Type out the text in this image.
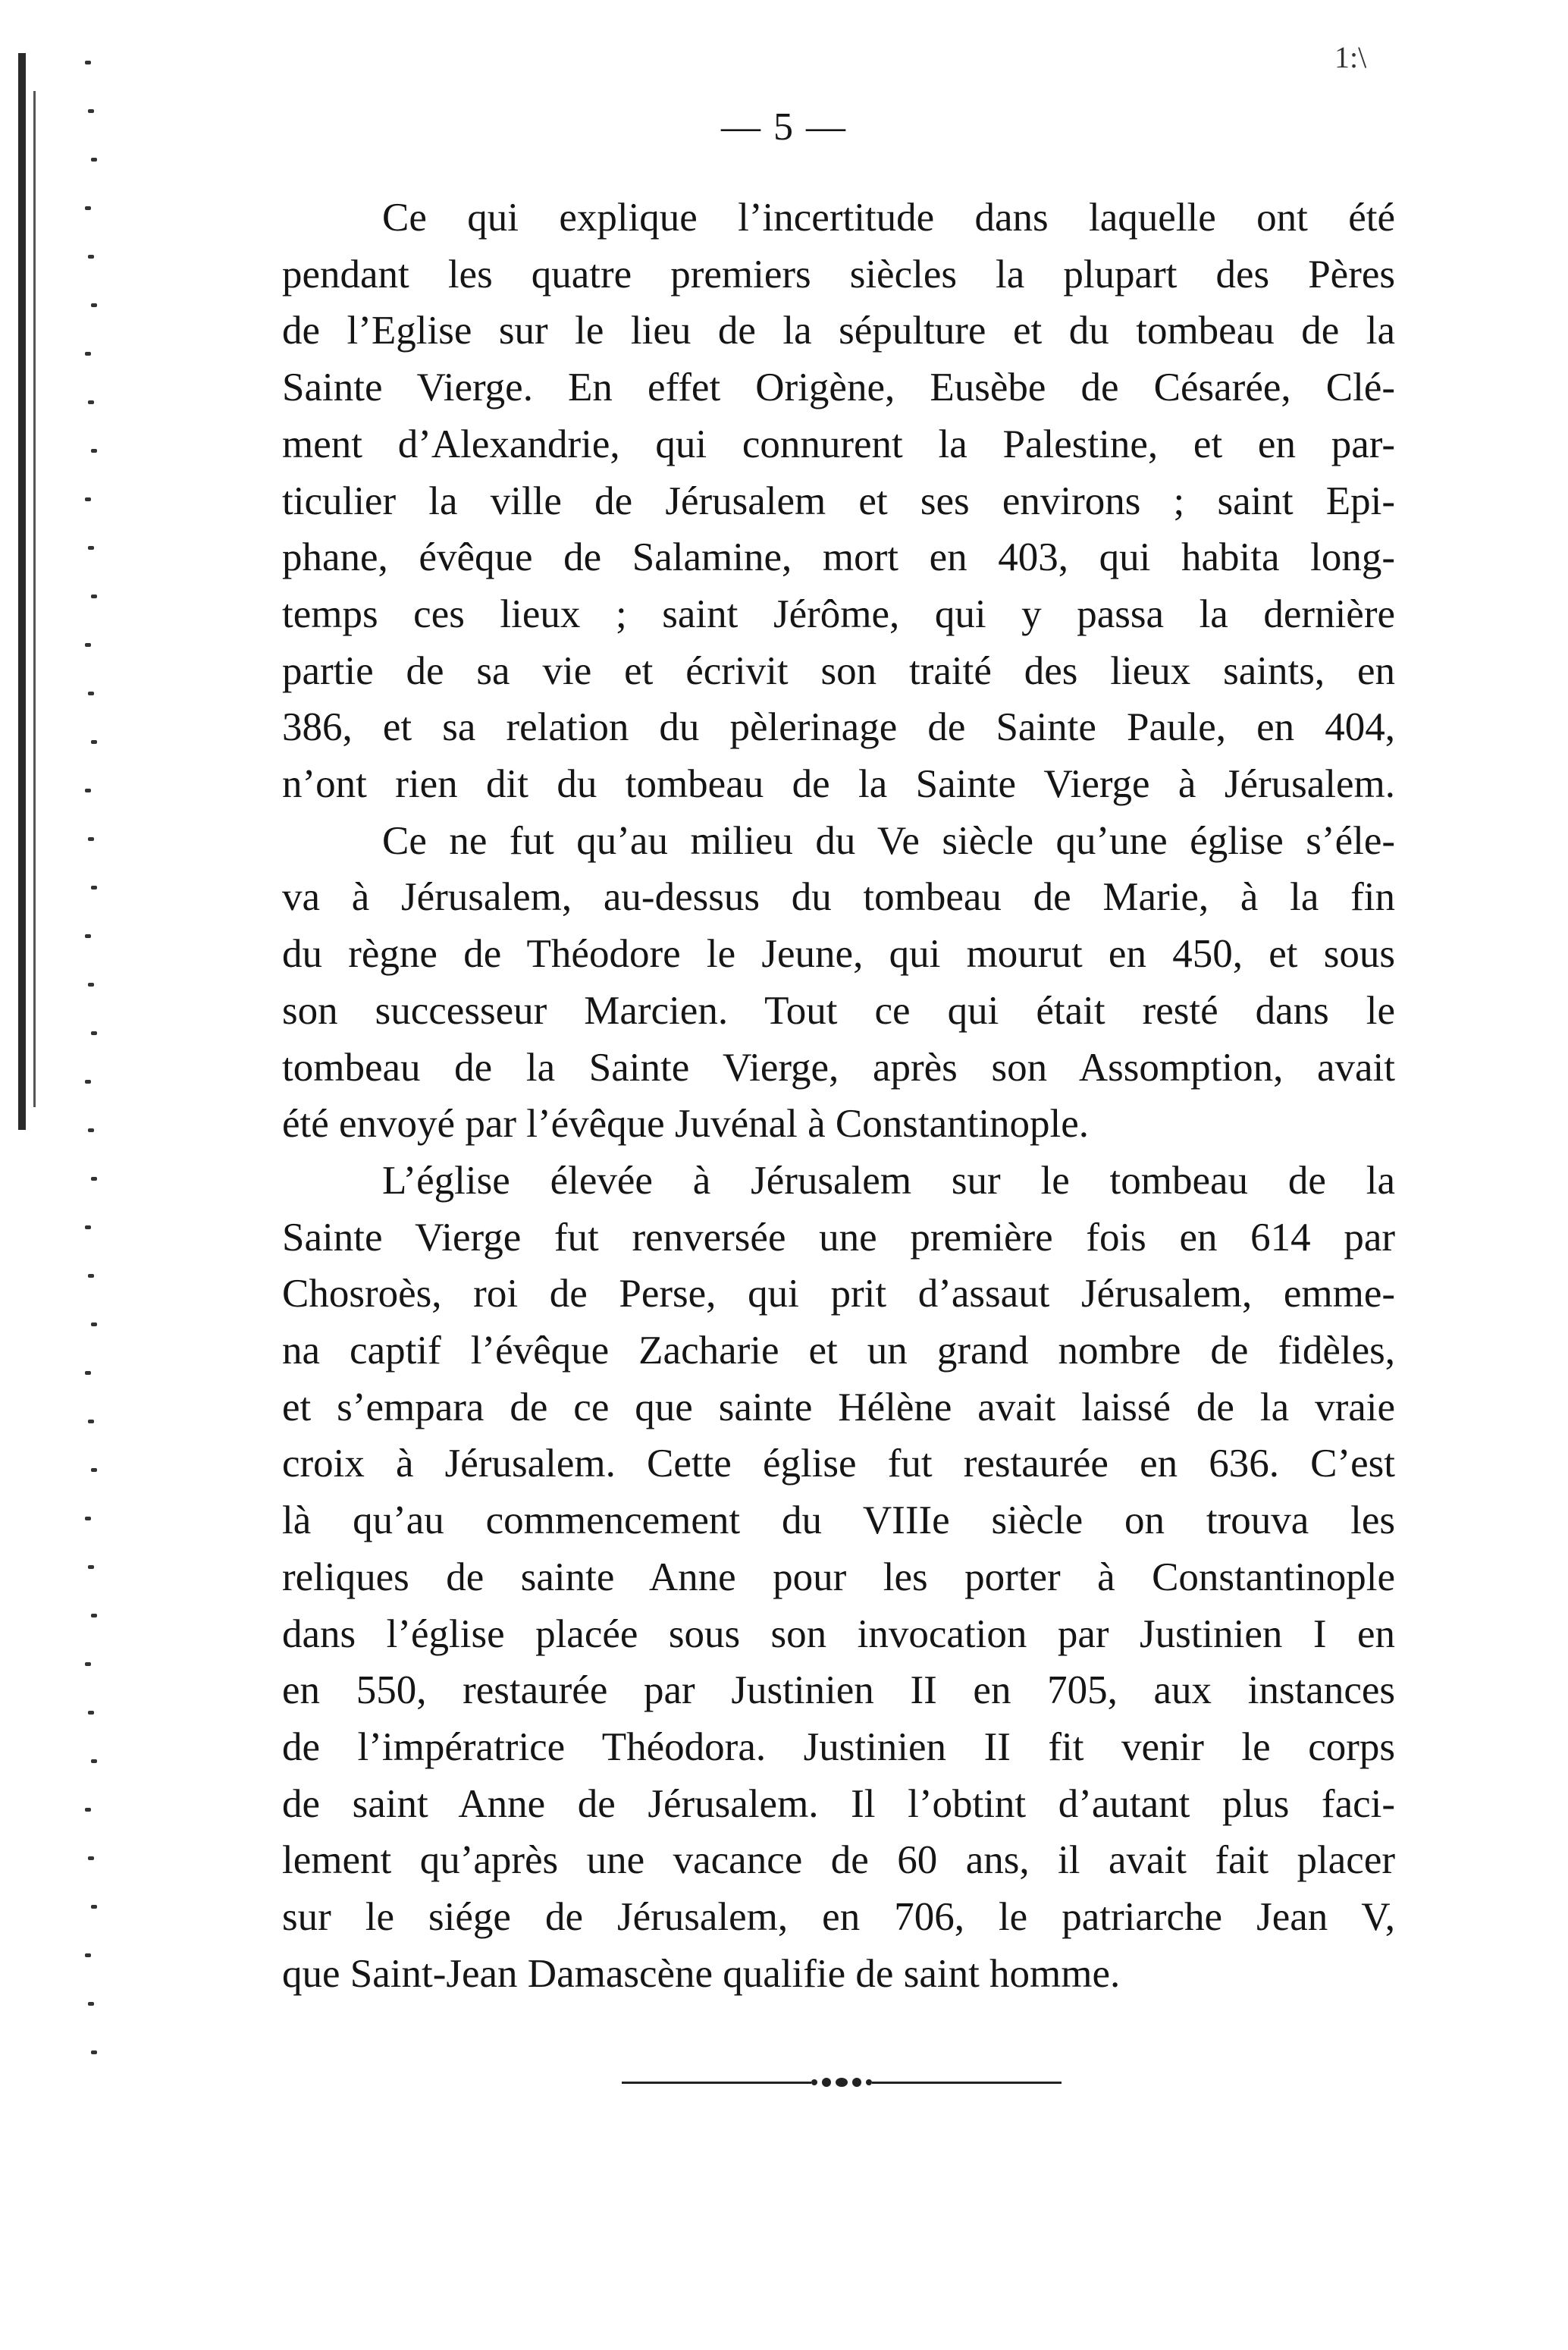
1:\
— 5 —
Ce qui explique l’incertitude dans laquelle ont été
pendant les quatre premiers siècles la plupart des Pères
de l’Eglise sur le lieu de la sépulture et du tombeau de la
Sainte Vierge. En effet Origène, Eusèbe de Césarée, Clé-
ment d’Alexandrie, qui connurent la Palestine, et en par-
ticulier la ville de Jérusalem et ses environs ; saint Epi-
phane, évêque de Salamine, mort en 403, qui habita long-
temps ces lieux ; saint Jérôme, qui y passa la dernière
partie de sa vie et écrivit son traité des lieux saints, en
386, et sa relation du pèlerinage de Sainte Paule, en 404,
n’ont rien dit du tombeau de la Sainte Vierge à Jérusalem.
Ce ne fut qu’au milieu du Ve siècle qu’une église s’éle-
va à Jérusalem, au-dessus du tombeau de Marie, à la fin
du règne de Théodore le Jeune, qui mourut en 450, et sous
son successeur Marcien. Tout ce qui était resté dans le
tombeau de la Sainte Vierge, après son Assomption, avait
été envoyé par l’évêque Juvénal à Constantinople.
L’église élevée à Jérusalem sur le tombeau de la
Sainte Vierge fut renversée une première fois en 614 par
Chosroès, roi de Perse, qui prit d’assaut Jérusalem, emme-
na captif l’évêque Zacharie et un grand nombre de fidèles,
et s’empara de ce que sainte Hélène avait laissé de la vraie
croix à Jérusalem. Cette église fut restaurée en 636. C’est
là qu’au commencement du VIIIe siècle on trouva les
reliques de sainte Anne pour les porter à Constantinople
dans l’église placée sous son invocation par Justinien I en
en 550, restaurée par Justinien II en 705, aux instances
de l’impératrice Théodora. Justinien II fit venir le corps
de saint Anne de Jérusalem. Il l’obtint d’autant plus faci-
lement qu’après une vacance de 60 ans, il avait fait placer
sur le siége de Jérusalem, en 706, le patriarche Jean V,
que Saint-Jean Damascène qualifie de saint homme.
